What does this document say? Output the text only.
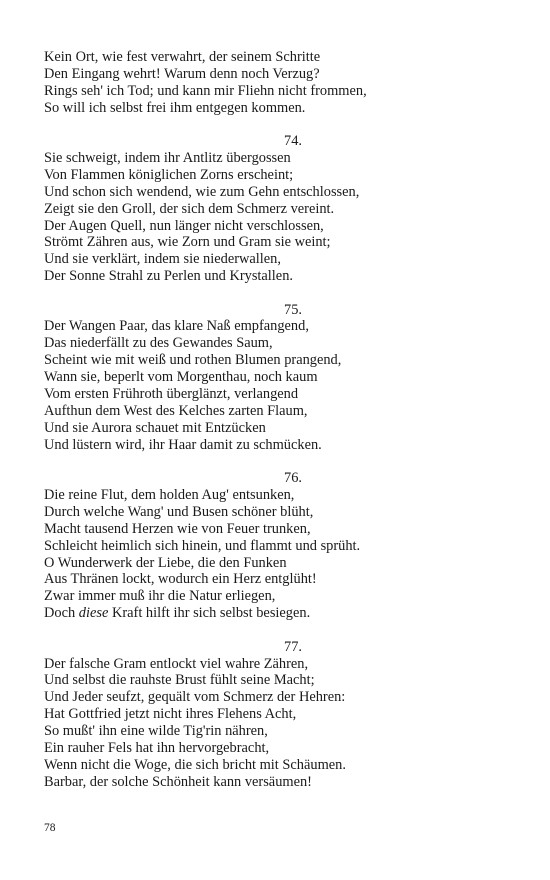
Kein Ort, wie fest verwahrt, der seinem Schritte
Den Eingang wehrt! Warum denn noch Verzug?
Rings seh' ich Tod; und kann mir Fliehn nicht frommen,
So will ich selbst frei ihm entgegen kommen.
74.
Sie schweigt, indem ihr Antlitz übergossen
Von Flammen königlichen Zorns erscheint;
Und schon sich wendend, wie zum Gehn entschlossen,
Zeigt sie den Groll, der sich dem Schmerz vereint.
Der Augen Quell, nun länger nicht verschlossen,
Strömt Zähren aus, wie Zorn und Gram sie weint;
Und sie verklärt, indem sie niederwallen,
Der Sonne Strahl zu Perlen und Krystallen.
75.
Der Wangen Paar, das klare Naß empfangend,
Das niederfällt zu des Gewandes Saum,
Scheint wie mit weiß und rothen Blumen prangend,
Wann sie, beperlt vom Morgenthau, noch kaum
Vom ersten Frühroth überglänzt, verlangend
Aufthun dem West des Kelches zarten Flaum,
Und sie Aurora schauet mit Entzücken
Und lüstern wird, ihr Haar damit zu schmücken.
76.
Die reine Flut, dem holden Aug' entsunken,
Durch welche Wang' und Busen schöner blüht,
Macht tausend Herzen wie von Feuer trunken,
Schleicht heimlich sich hinein, und flammt und sprüht.
O Wunderwerk der Liebe, die den Funken
Aus Thränen lockt, wodurch ein Herz entglüht!
Zwar immer muß ihr die Natur erliegen,
Doch diese Kraft hilft ihr sich selbst besiegen.
77.
Der falsche Gram entlockt viel wahre Zähren,
Und selbst die rauhste Brust fühlt seine Macht;
Und Jeder seufzt, gequält vom Schmerz der Hehren:
Hat Gottfried jetzt nicht ihres Flehens Acht,
So mußt' ihn eine wilde Tig'rin nähren,
Ein rauher Fels hat ihn hervorgebracht,
Wenn nicht die Woge, die sich bricht mit Schäumen.
Barbar, der solche Schönheit kann versäumen!
78
